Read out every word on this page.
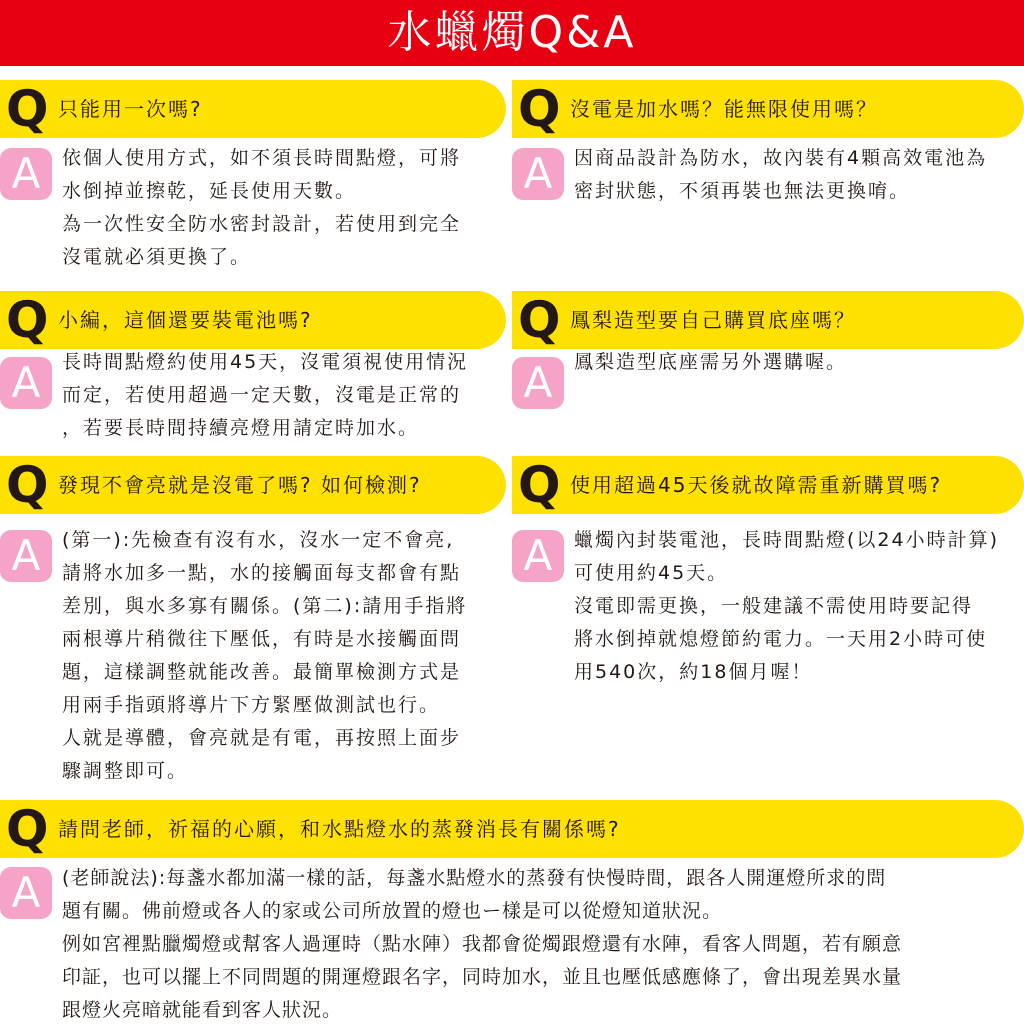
水蠟燭Q&A
Q 只能用一次嗎?
A	依個人使用方式，如不須長時間點燈，可將

水倒掉並擦乾，延長使用天數。

為一次性安全防水密封設計，若使用到完全

沒電就必須更換了。

Q 沒電是加水嗎？能無限使用嗎？
A	因商品設計為防水，故內裝有4顆高效電池為

密封狀態，不須再裝也無法更換唷。

Q 小編，這個還要裝電池嗎?
A	長時間點燈約使用45天，沒電須視使用情況

而定，若使用超過一定天數，沒電是正常的

，若要長時間持續亮燈用請定時加水。

Q 鳳梨造型要自己購買底座嗎？
A	鳳梨造型底座需另外選購喔。

Q 發現不會亮就是沒電了嗎? 如何檢測?
A	(第一):先檢查有沒有水，沒水一定不會亮,

請將水加多一點，水的接觸面每支都會有點

差別，與水多寡有關係。(第二):請用手指將

兩根導片稍微往下壓低，有時是水接觸面問

題，這樣調整就能改善。最簡單檢測方式是

用兩手指頭將導片下方緊壓做測試也行。

人就是導體，會亮就是有電，再按照上面步

驟調整即可。

Q 使用超過45天後就故障需重新購買嗎?
A	蠟燭內封裝電池，長時間點燈(以24小時計算)

可使用約45天。

沒電即需更換，一般建議不需使用時要記得

將水倒掉就熄燈節約電力。一天用2小時可使

用540次，約18個月喔！

Q 請問老師，祈福的心願，和水點燈水的蒸發消長有關係嗎?
A	(老師說法):每盞水都加滿一樣的話，每盞水點燈水的蒸發有快慢時間，跟各人開運燈所求的問

題有關。佛前燈或各人的家或公司所放置的燈也ー樣是可以從燈知道狀況。

例如宮裡點臘燭燈或幫客人過運時（點水陣）我都會從燭跟燈還有水陣，看客人問題，若有願意

印証，也可以擺上不同問題的開運燈跟名字，同時加水，並且也壓低感應條了，會出現差異水量

跟燈火亮暗就能看到客人狀況。
